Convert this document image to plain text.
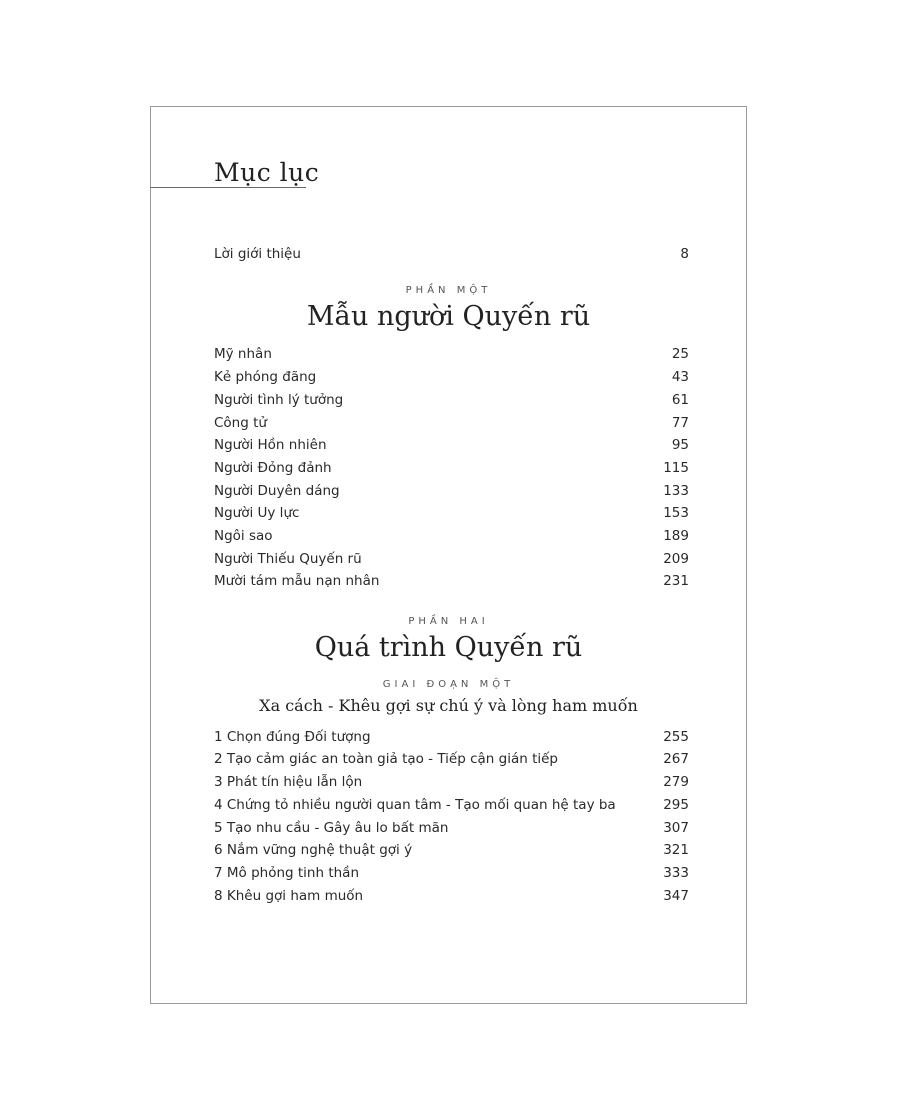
Mục lục
Lời giới thiệu	8
PHẦN MỘT
Mẫu người Quyến rũ
Mỹ nhân	25
Kẻ phóng đãng	43
Người tình lý tưởng	61
Công tử	77
Người Hồn nhiên	95
Người Đỏng đảnh	115
Người Duyên dáng	133
Người Uy lực	153
Ngôi sao	189
Người Thiếu Quyến rũ	209
Mười tám mẫu nạn nhân	231
PHẦN HAI
Quá trình Quyến rũ
GIAI ĐOẠN MỘT
Xa cách - Khêu gợi sự chú ý và lòng ham muốn
1 Chọn đúng Đối tượng	255
2 Tạo cảm giác an toàn giả tạo - Tiếp cận gián tiếp	267
3 Phát tín hiệu lẫn lộn	279
4 Chứng tỏ nhiều người quan tâm - Tạo mối quan hệ tay ba	295
5 Tạo nhu cầu - Gây âu lo bất mãn	307
6 Nắm vững nghệ thuật gợi ý	321
7 Mô phỏng tinh thần	333
8 Khêu gợi ham muốn	347
